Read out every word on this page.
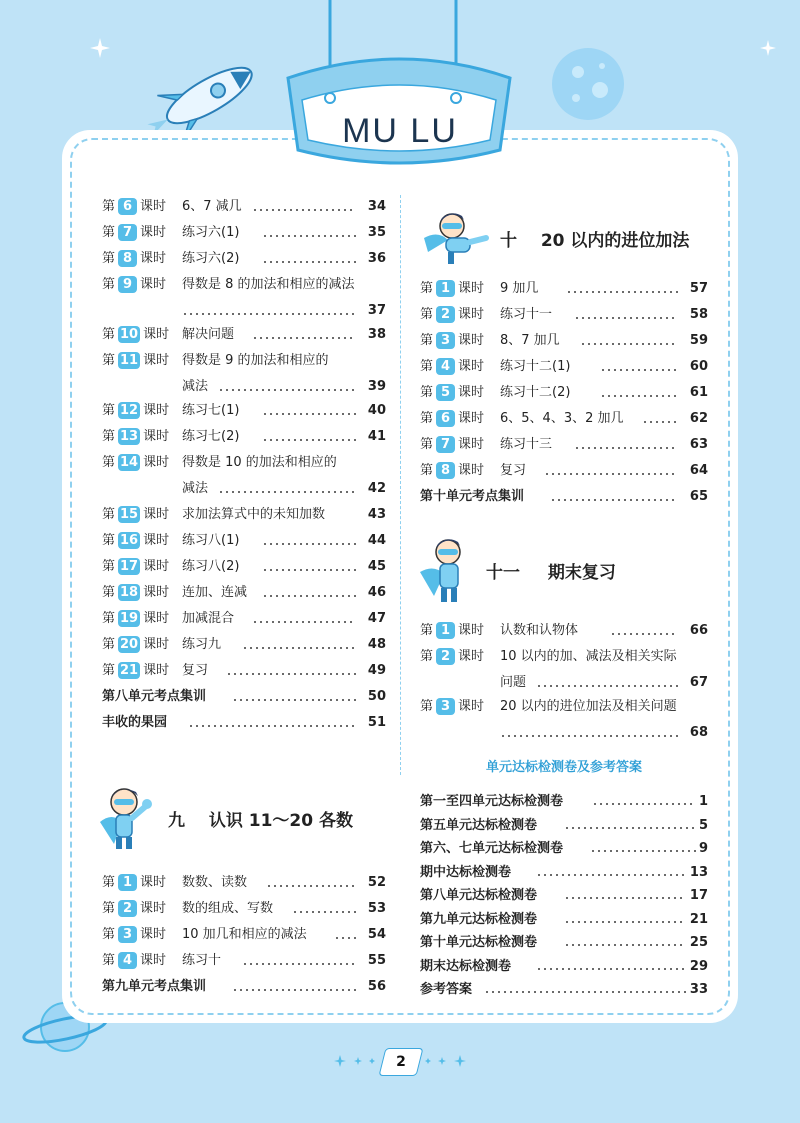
MU LU
第 6 课时 6、7 减几	34
第 7 课时 练习六(1)	35
第 8 课时 练习六(2)	36
第 9 课时 得数是 8 的加法和相应的减法
37
第 10 课时 解决问题	38
第 11 课时 得数是 9 的加法和相应的
减法	39
第 12 课时 练习七(1)	40
第 13 课时 练习七(2)	41
第 14 课时 得数是 10 的加法和相应的
减法	42
第 15 课时 求加法算式中的未知加数	43
第 16 课时 练习八(1)	44
第 17 课时 练习八(2)	45
第 18 课时 连加、连减	46
第 19 课时 加减混合	47
第 20 课时 练习九	48
第 21 课时 复习	49
第八单元考点集训	50
丰收的果园	51
九 认识 11～20 各数
第 1 课时 数数、读数	52
第 2 课时 数的组成、写数	53
第 3 课时 10 加几和相应的减法	54
第 4 课时 练习十	55
第九单元考点集训	56
十 20 以内的进位加法
第 1 课时 9 加几	57
第 2 课时 练习十一	58
第 3 课时 8、7 加几	59
第 4 课时 练习十二(1)	60
第 5 课时 练习十二(2)	61
第 6 课时 6、5、4、3、2 加几	62
第 7 课时 练习十三	63
第 8 课时 复习	64
第十单元考点集训	65
十一 期末复习
第 1 课时 认数和认物体	66
第 2 课时 10 以内的加、减法及相关实际
问题	67
第 3 课时 20 以内的进位加法及相关问题
68
单元达标检测卷及参考答案
第一至四单元达标检测卷	1
第五单元达标检测卷	5
第六、七单元达标检测卷	9
期中达标检测卷	13
第八单元达标检测卷	17
第九单元达标检测卷	21
第十单元达标检测卷	25
期末达标检测卷	29
参考答案	33
2
